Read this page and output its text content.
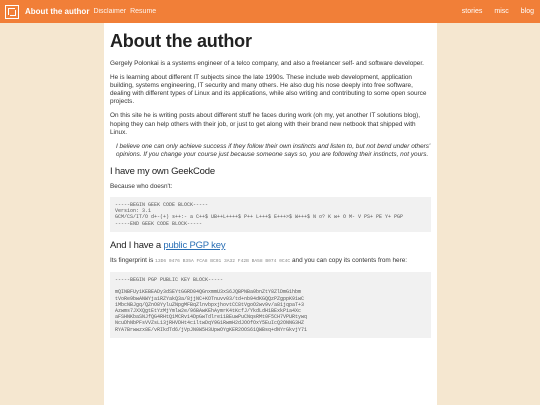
About the author Disclaimer Resume	stories misc blog
About the author

Gergely Polonkai is a systems engineer of a telco company, and also a freelancer self- and software developer.

He is learning about different IT subjects since the late 1990s. These include web development, application building, systems engineering, IT security and many others. He also dug his nose deeply into free software, dealing with different types of Linux and its applications, while also writing and contributing to some open source projects.

On this site he is writing posts about different stuff he faces during work (oh my, yet another IT solutions blog), hoping they can help others with their job, or just to get along with their brand new netbook that shipped with Linux.

I believe one can only achieve success if they follow their own instincts and listen to, but not bend under others' opinions. If you change your course just because someone says so, you are following their instincts, not yours.

I have my own GeekCode

Because who doesn't:

-----BEGIN GEEK CODE BLOCK-----
Version: 3.1
GCM/CS/IT/O d+-(+) s++:- a C++$ UB++L++++$ P++ L+++$ E+++>$ W+++$ N o? K w+ O M- V PS+ PE Y+ PGP
-----END GEEK CODE BLOCK-----
And I have a public PGP key

Its fingerprint is 13D6 0476 B35A FCA8 BC01 3A32 F42B BA58 B074 0C4C and you can copy its contents from here:

-----BEGIN PGP PUBLIC KEY BLOCK-----

mQINBFUy1KEBEADy3dSEYtGGRD04QGnxmmU3xS6JQBPNBa0bnZtY8ZlDmG1hbm
tVoRe9bwANWYja1RZYakQ3a/8jjNC+KOTnuvv03/td+nb94dKGQQzPZgppK91wC
1MbcNBJgq/QZnO8YyluZNpgMFBqZlnvbpxjhovtCC8tVgoO2wv9v/a81jqpaT+3
Azwms7JXXQgtEtYzMjYmlw2e/96BAwKEhAymrK4tKcfJ/YkdLdH1BExkPia4Xc
aFSHNKbaSNJfQG4RHtQ1MCRv14DpGwTdlre11BEuwPuCNqsRMt0F5CH7VPURtywq
NcuDhNbPFsVVZsL13jRHVDHt4ciltwDqY9G1RwmH2dJOOfOxY5EuIcQ2ONNG3HZ
RYA7Brwwzx8E/vRIkdTd6/jVpJN0W5H3UpwOYgKER2OOS61QWBsq+dNYrGkvjY71
